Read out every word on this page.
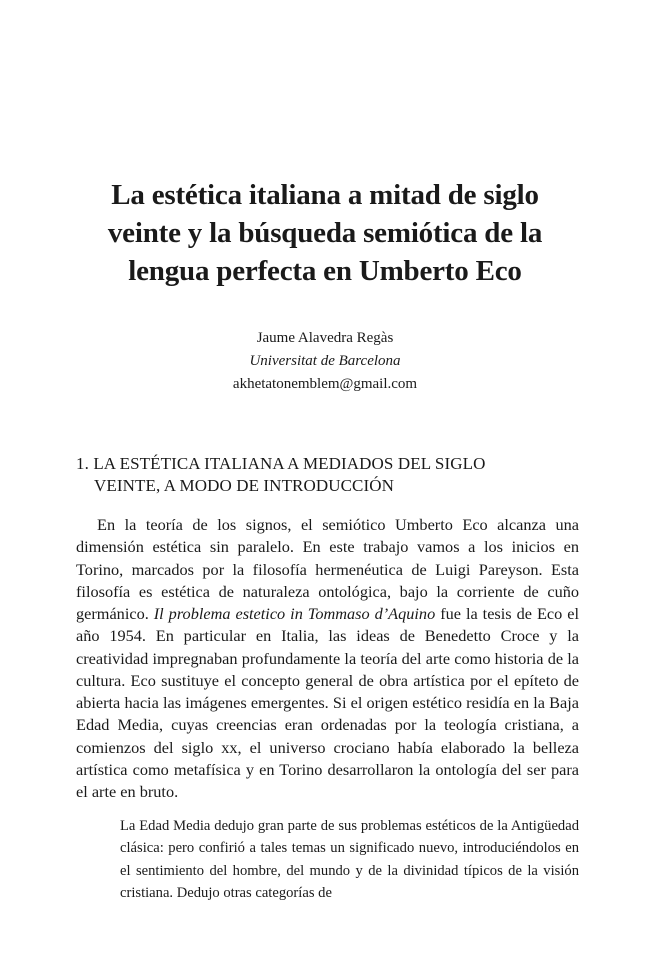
La estética italiana a mitad de siglo
veinte y la búsqueda semiótica de la
lengua perfecta en Umberto Eco
Jaume Alavedra Regàs
Universitat de Barcelona
akhetatonemblem@gmail.com
1. LA ESTÉTICA ITALIANA A MEDIADOS DEL SIGLO
VEINTE, A MODO DE INTRODUCCIÓN

En la teoría de los signos, el semiótico Umberto Eco alcanza una dimensión estética sin paralelo. En este trabajo vamos a los inicios en Torino, marcados por la filosofía hermenéutica de Luigi Pareyson. Esta filosofía es estética de naturaleza ontológica, bajo la corriente de cuño germánico. Il problema estetico in Tommaso d’Aquino fue la tesis de Eco el año 1954. En particular en Italia, las ideas de Benedetto Croce y la creatividad impregnaban profundamente la teoría del arte como historia de la cultura. Eco sustituye el concepto general de obra artística por el epíteto de abierta hacia las imágenes emergentes. Si el origen estético residía en la Baja Edad Media, cuyas creencias eran ordenadas por la teología cristiana, a comienzos del siglo xx, el universo crociano había elaborado la belleza artística como metafísica y en Torino desarrollaron la ontología del ser para el arte en bruto.

La Edad Media dedujo gran parte de sus problemas estéticos de la Antigüedad clásica: pero confirió a tales temas un significado nuevo, introduciéndolos en el sentimiento del hombre, del mundo y de la divinidad típicos de la visión cristiana. Dedujo otras categorías de
